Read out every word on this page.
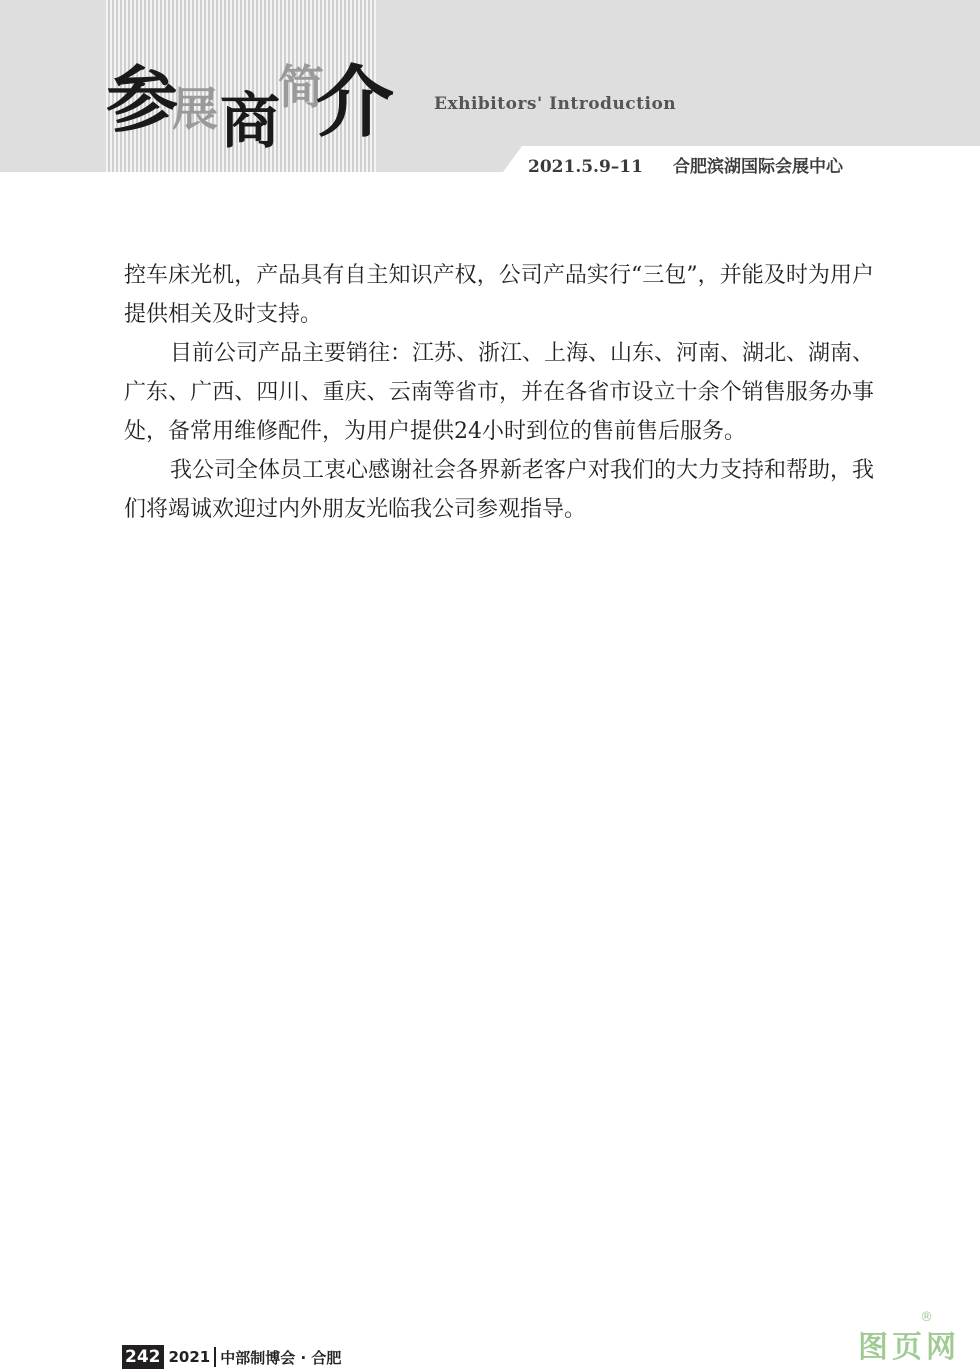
参
展 商
简
介 Exhibitors' Introduction
2021.5.9–11 合肥滨湖国际会展中心

控车床光机，产品具有自主知识产权，公司产品实行“三包”，并能及时为用户提供相关及时支持。

目前公司产品主要销往：江苏、浙江、上海、山东、河南、湖北、湖南、广东、广西、四川、重庆、云南等省市，并在各省市设立十余个销售服务办事处，备常用维修配件，为用户提供24小时到位的售前售后服务。

我公司全体员工衷心感谢社会各界新老客户对我们的大力支持和帮助，我们将竭诚欢迎过内外朋友光临我公司参观指导。

242 2021 中部制博会 · 合肥	图页网
®
